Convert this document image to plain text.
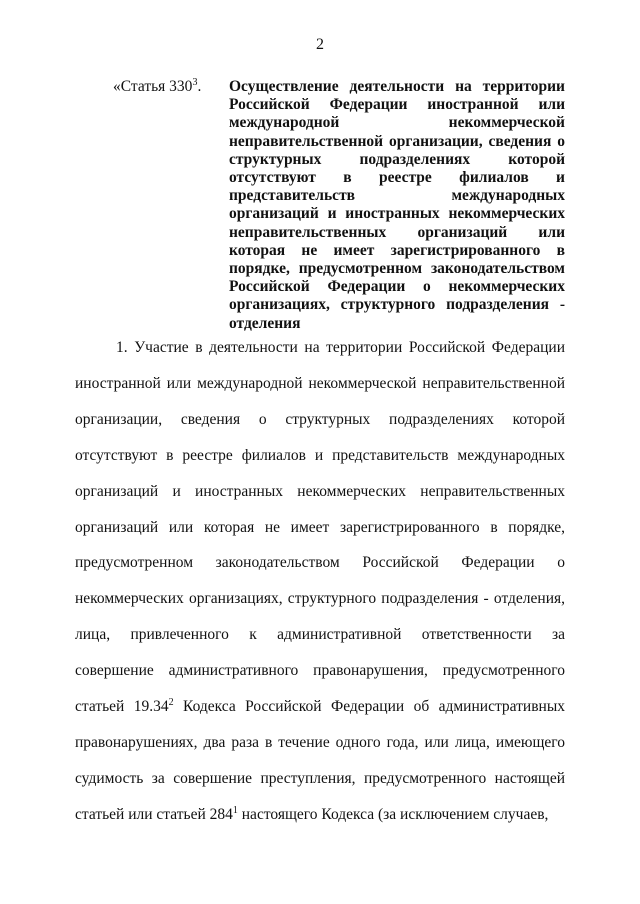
2
«Статья $330^3$. Осуществление деятельности на территории Российской Федерации иностранной или международной некоммерческой неправительственной организации, сведения о структурных подразделениях которой отсутствуют в реестре филиалов и представительств международных организаций и иностранных некоммерческих неправительственных организаций или которая не имеет зарегистрированного в порядке, предусмотренном законодательством Российской Федерации о некоммерческих организациях, структурного подразделения - отделения

1. Участие в деятельности на территории Российской Федерации иностранной или международной некоммерческой неправительственной организации, сведения о структурных подразделениях которой отсутствуют в реестре филиалов и представительств международных организаций и иностранных некоммерческих неправительственных организаций или которая не имеет зарегистрированного в порядке, предусмотренном законодательством Российской Федерации о некоммерческих организациях, структурного подразделения - отделения, лица, привлеченного к административной ответственности за совершение административного правонарушения, предусмотренного статьей 19.34$^2$ Кодекса Российской Федерации об административных правонарушениях, два раза в течение одного года, или лица, имеющего судимость за совершение преступления, предусмотренного настоящей статьей или статьей $284^1$ настоящего Кодекса (за исключением случаев,
